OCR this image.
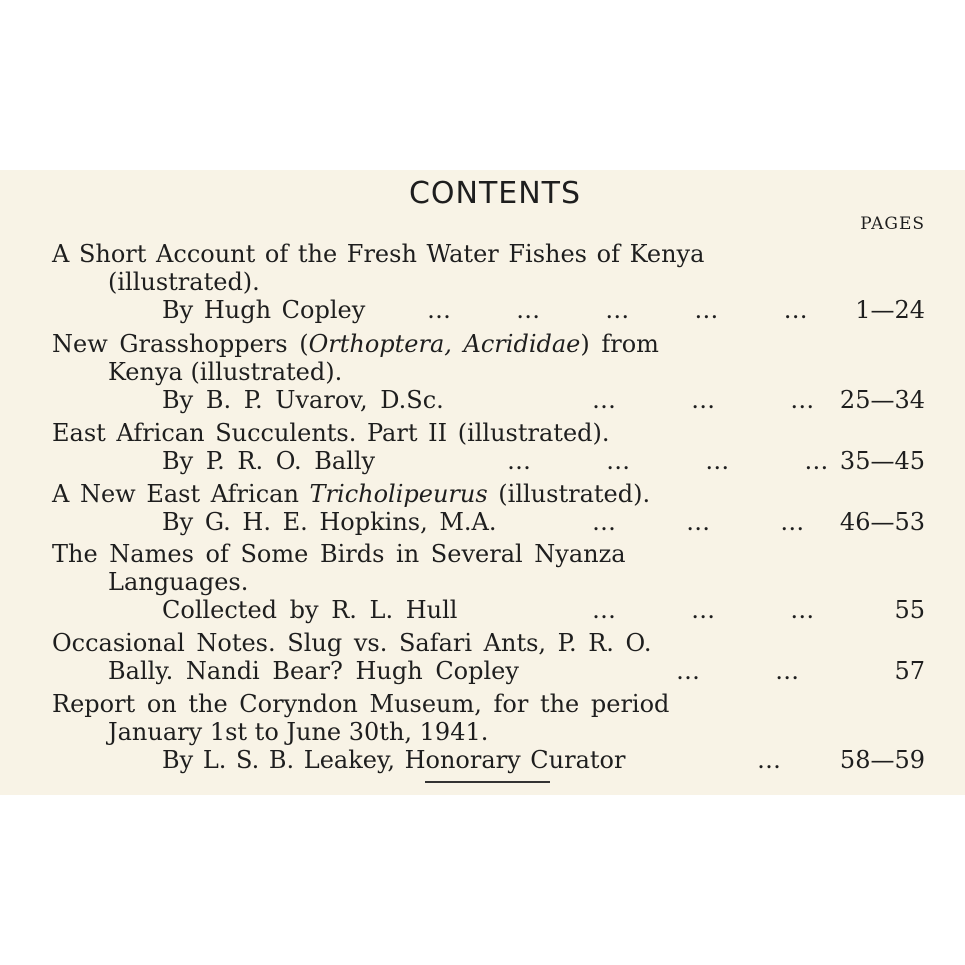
CONTENTS
PAGES
A Short Account of the Fresh Water Fishes of Kenya
(illustrated).
By Hugh Copley	…     …     …     …     … 1—24
New Grasshoppers (Orthoptera, Acrididae) from
Kenya (illustrated).
By B. P. Uvarov, D.Sc.	…     …     … 25—34
East African Succulents. Part II (illustrated).
By P. R. O. Bally	…     …     …     … 35—45
A New East African Tricholipeurus (illustrated).
By G. H. E. Hopkins, M.A.	…     …     … 46—53
The Names of Some Birds in Several Nyanza
Languages.
Collected by R. L. Hull	…     …     …	55
Occasional Notes. Slug vs. Safari Ants, P. R. O.
Bally. Nandi Bear? Hugh Copley	…     …	57
Report on the Coryndon Museum, for the period
January 1st to June 30th, 1941.
By L. S. B. Leakey, Honorary Curator	… 58—59
